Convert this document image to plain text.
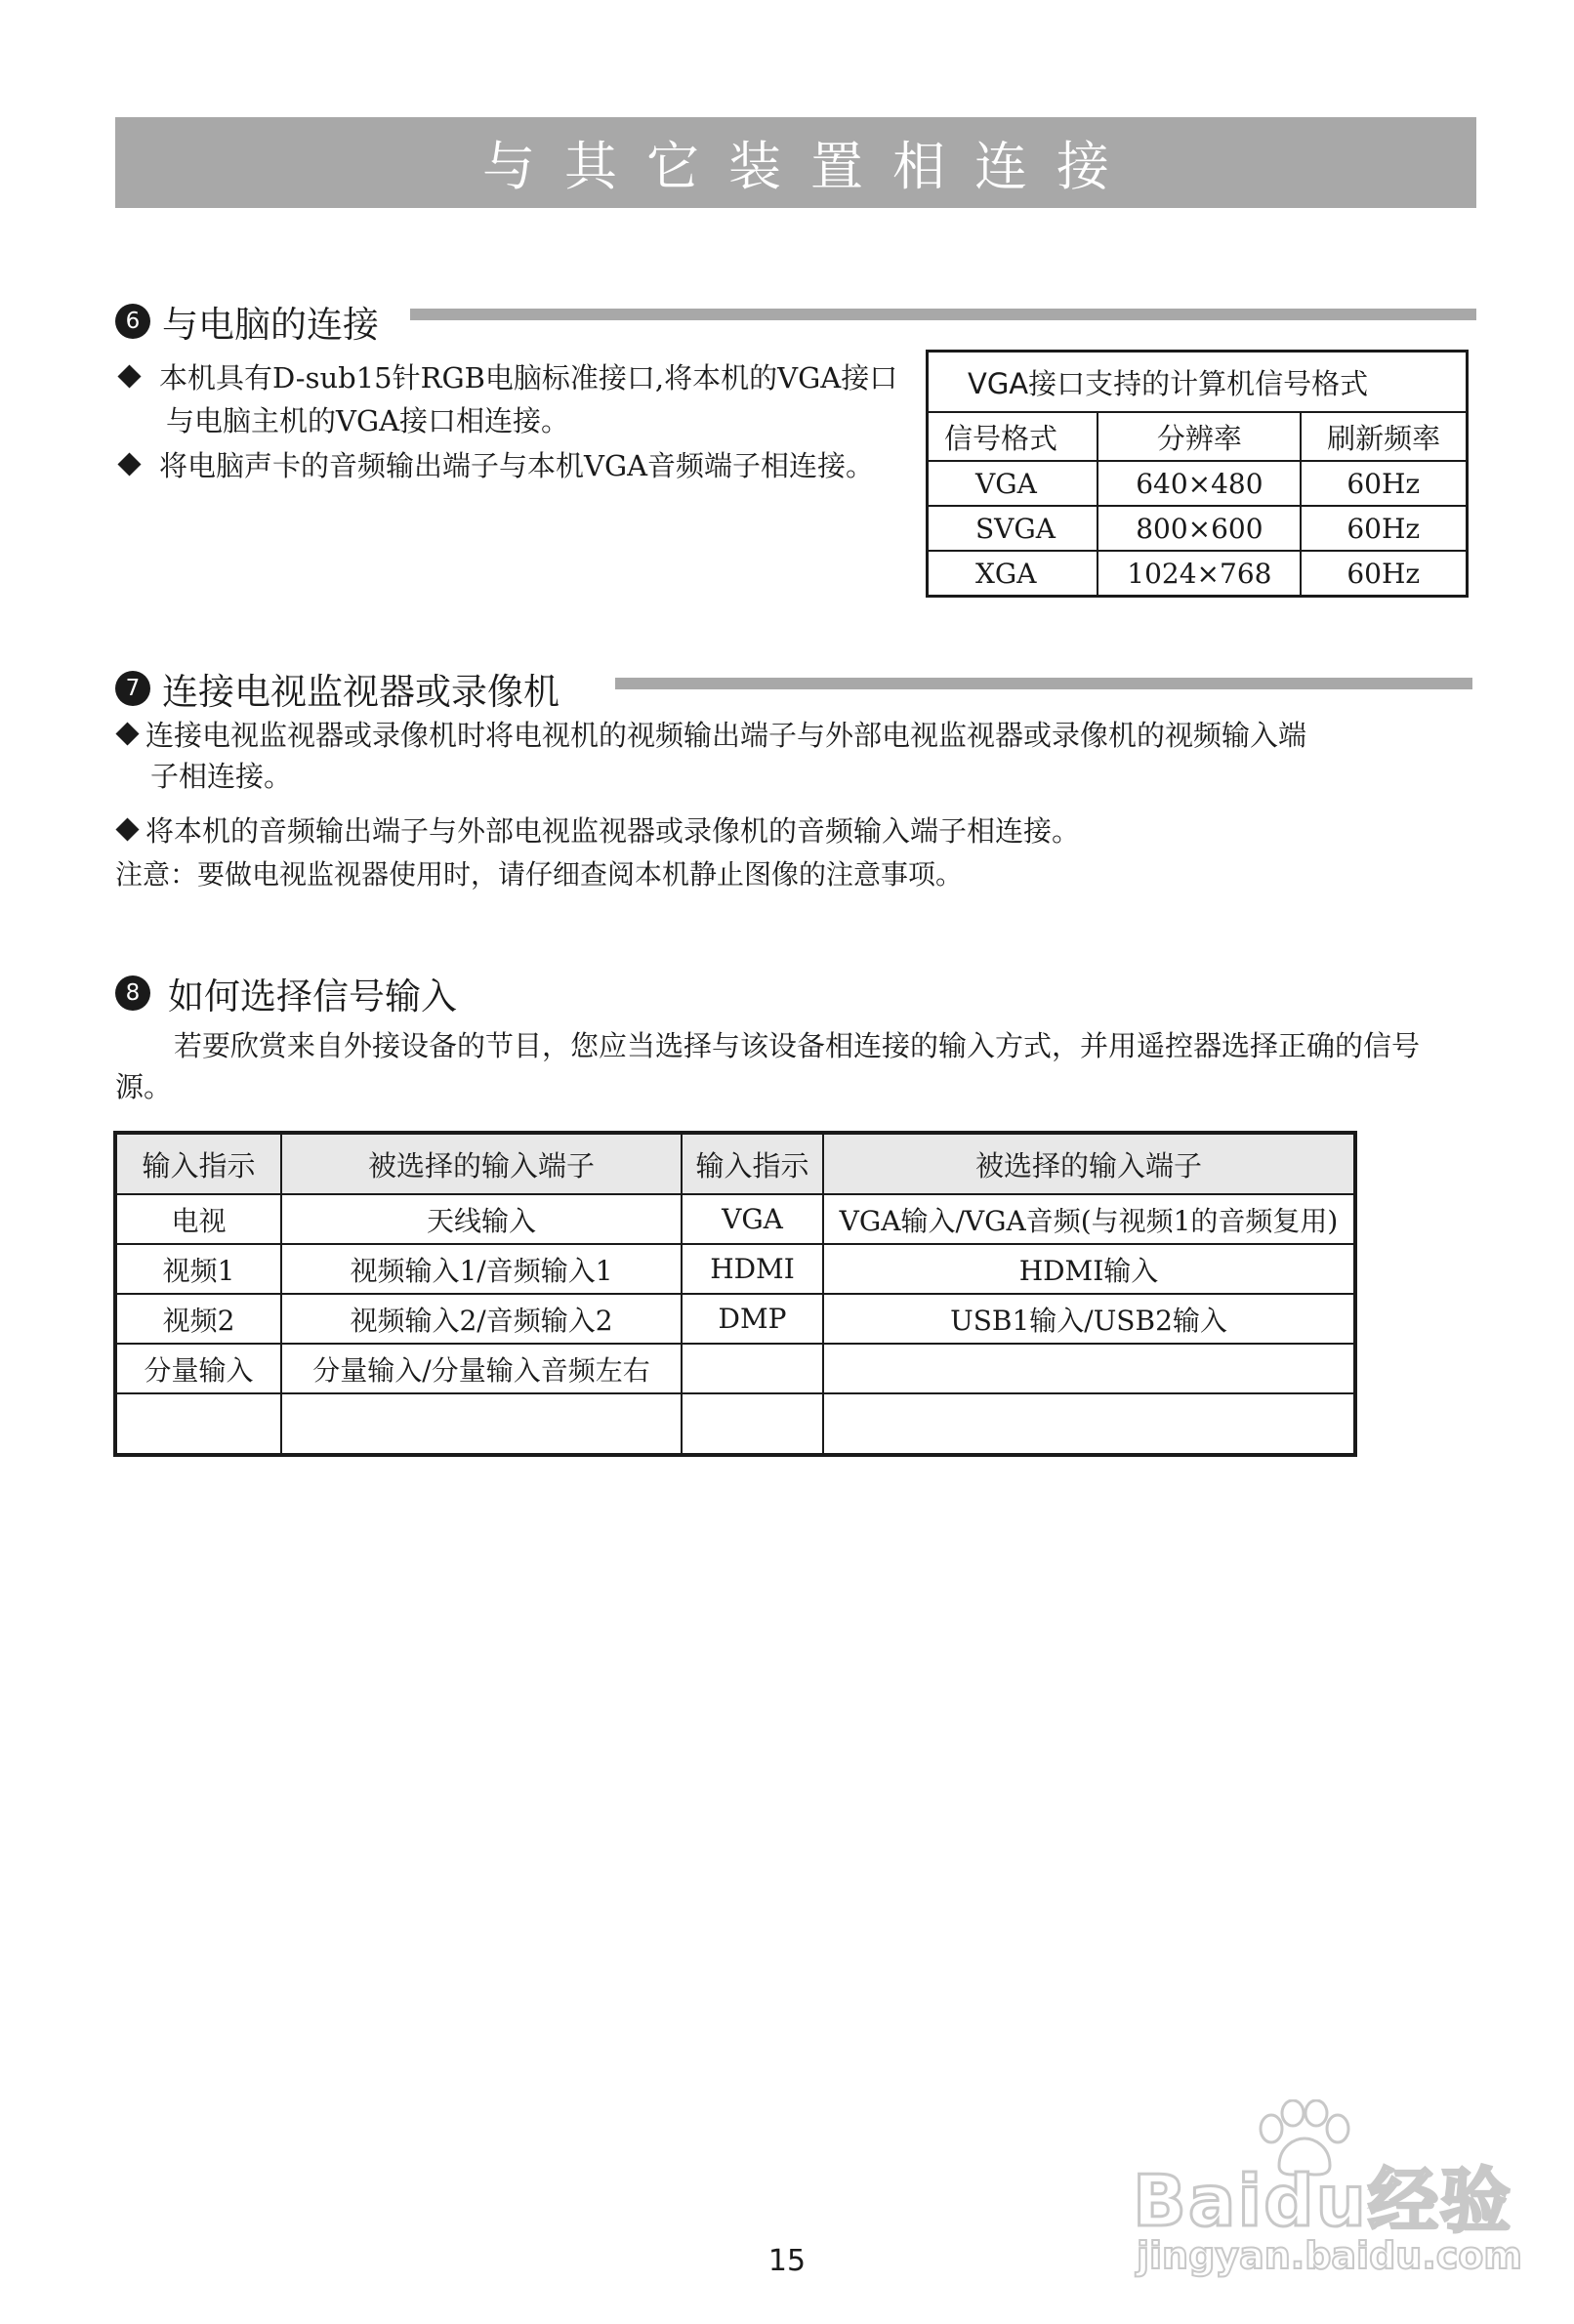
与其它装置相连接
6 与电脑的连接
本机具有D-sub15针RGB电脑标准接口,将本机的VGA接口
与电脑主机的VGA接口相连接。
将电脑声卡的音频输出端子与本机VGA音频端子相连接。
VGA接口支持的计算机信号格式		
信号格式	分辨率	刷新频率
VGA	640×480	60Hz
SVGA	800×600	60Hz
XGA	1024×768	60Hz
7 连接电视监视器或录像机
连接电视监视器或录像机时将电视机的视频输出端子与外部电视监视器或录像机的视频输入端
子相连接。
将本机的音频输出端子与外部电视监视器或录像机的音频输入端子相连接。
注意：要做电视监视器使用时，请仔细查阅本机静止图像的注意事项。
8 如何选择信号输入
若要欣赏来自外接设备的节目，您应当选择与该设备相连接的输入方式，并用遥控器选择正确的信号源。
输入指示	被选择的输入端子	输入指示	被选择的输入端子
电视	天线输入	VGA	VGA输入/VGA音频(与视频1的音频复用)
视频1	视频输入1/音频输入1	HDMI	HDMI输入
视频2	视频输入2/音频输入2	DMP	USB1输入/USB2输入
分量输入	分量输入/分量输入音频左右		

Baidu经验
jingyan.baidu.com
15
